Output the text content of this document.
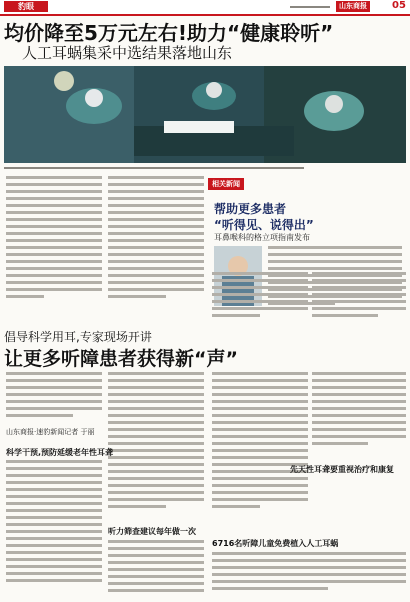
豹眼	山东商报	05
均价降至5万元左右!助力“健康聆听”
人工耳蜗集采中选结果落地山东
相关新闻
帮助更多患者
“听得见、说得出”
耳鼻喉科的格立项指南发布
倡导科学用耳,专家现场开讲
让更多听障患者获得新“声”
山东商报·速豹新闻记者 于丽
科学干预,预防延缓老年性耳聋
先天性耳聋要重视治疗和康复
听力筛查建议每年做一次
6716名听障儿童免费植入人工耳蜗
